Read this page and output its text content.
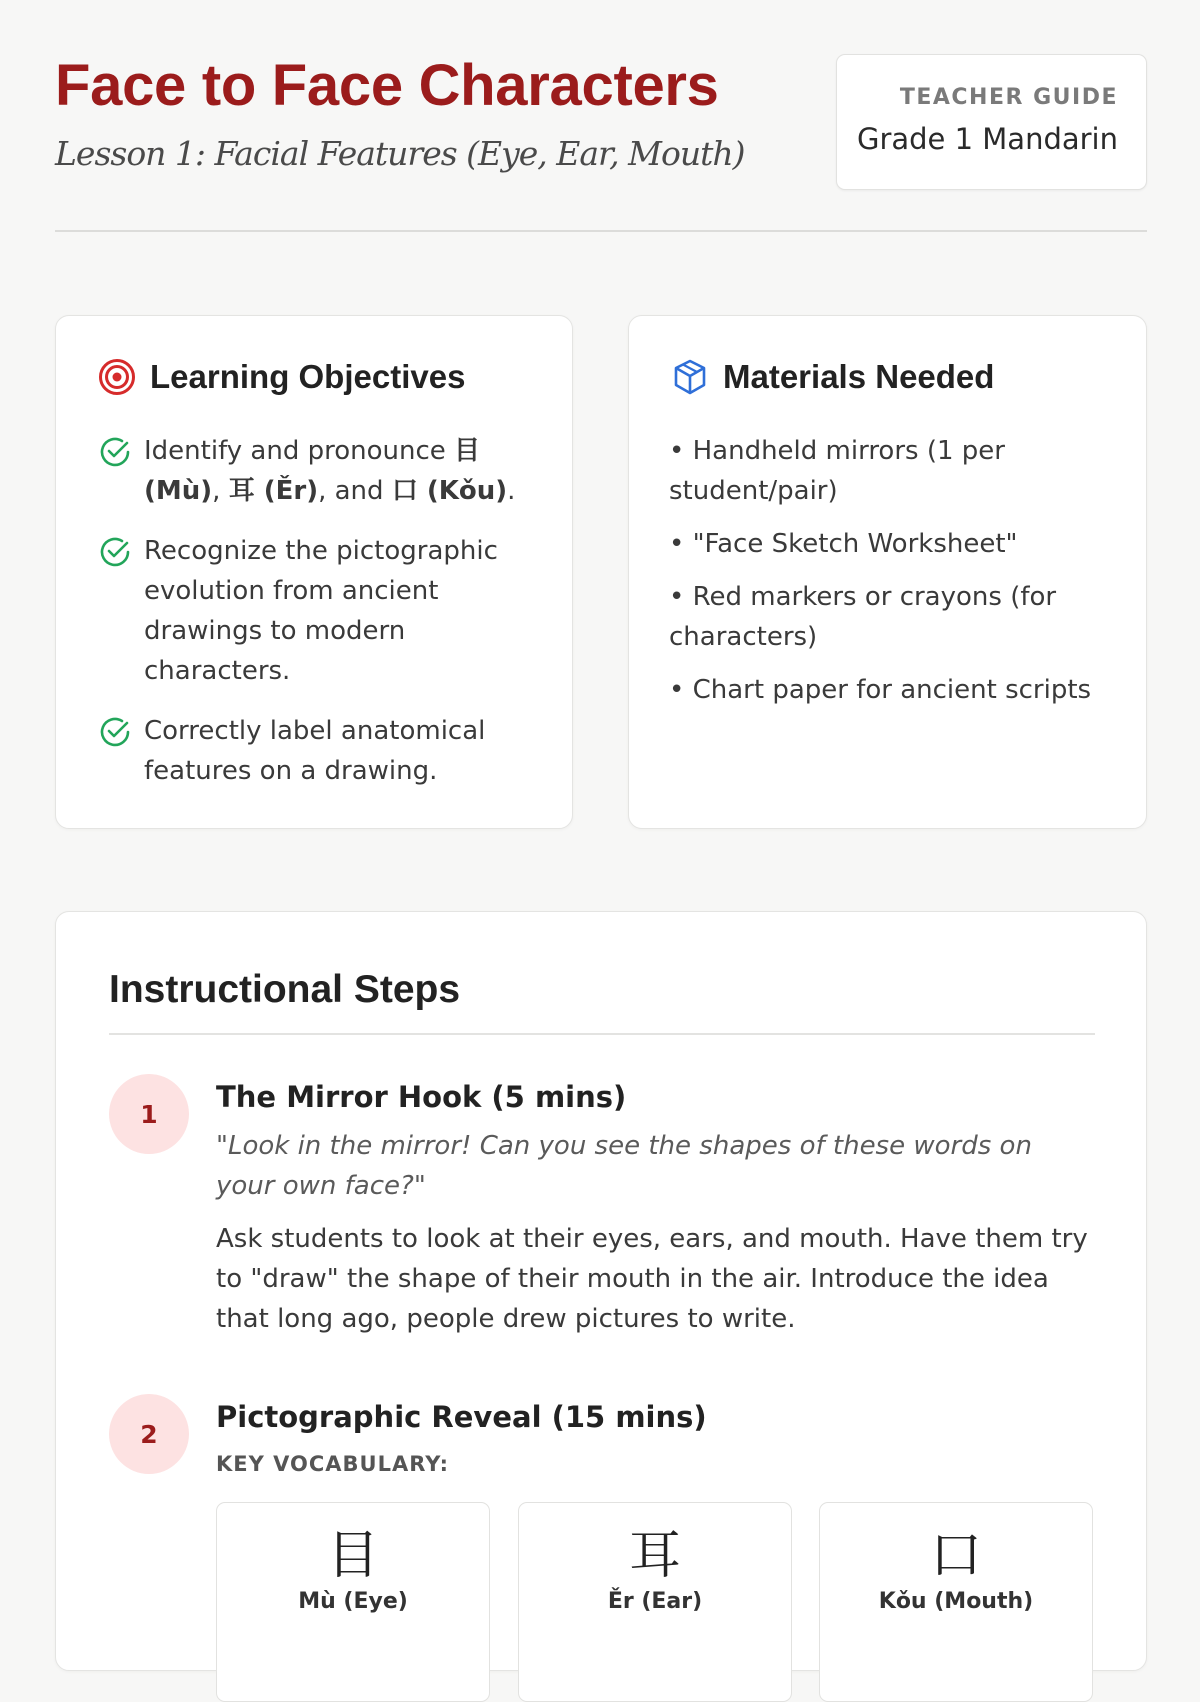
Face to Face Characters
Lesson 1: Facial Features (Eye, Ear, Mouth)
TEACHER GUIDE
Grade 1 Mandarin
Learning Objectives
Identify and pronounce 目 (Mù), 耳 (Ěr), and 口 (Kǒu).
Recognize the pictographic evolution from ancient drawings to modern characters.
Correctly label anatomical features on a drawing.
Materials Needed
• Handheld mirrors (1 per student/pair)
• "Face Sketch Worksheet"
• Red markers or crayons (for characters)
• Chart paper for ancient scripts
Instructional Steps
1	The Mirror Hook (5 mins)
"Look in the mirror! Can you see the shapes of these words on your own face?"
Ask students to look at their eyes, ears, and mouth. Have them try to "draw" the shape of their mouth in the air. Introduce the idea that long ago, people drew pictures to write.
2	Pictographic Reveal (15 mins)
KEY VOCABULARY:
目
Mù (Eye)
耳
Ěr (Ear)
口
Kǒu (Mouth)
